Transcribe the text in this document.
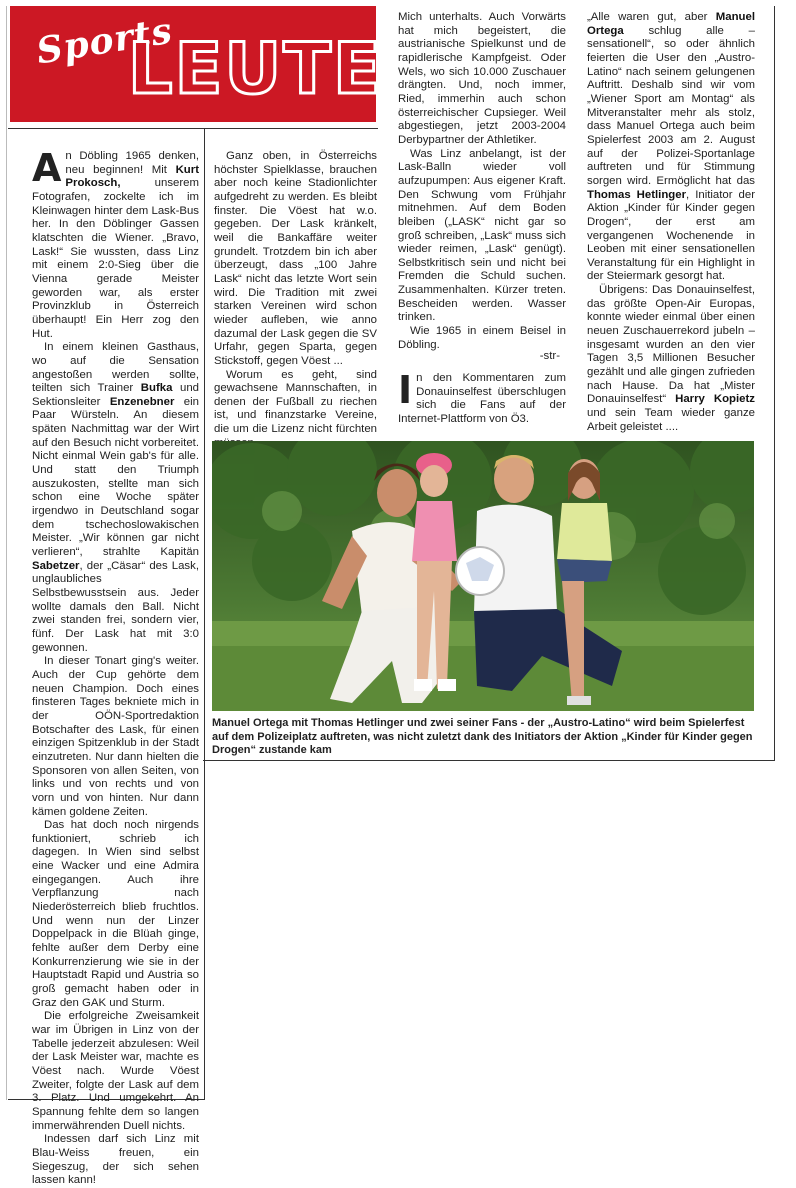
Sports
LEUTE

An Döbling 1965 denken, neu beginnen! Mit Kurt Prokosch, unserem Fotografen, zockelte ich im Kleinwagen hinter dem Lask-Bus her. In den Döblinger Gassen klatschten die Wiener. „Bravo, Lask!“ Sie wussten, dass Linz mit einem 2:0-Sieg über die Vienna gerade Meister geworden war, als erster Provinzklub in Österreich überhaupt! Ein Herr zog den Hut.

In einem kleinen Gasthaus, wo auf die Sensation angestoßen werden sollte, teilten sich Trainer Bufka und Sektionsleiter Enzenebner ein Paar Würsteln. An diesem späten Nachmittag war der Wirt auf den Besuch nicht vorbereitet. Nicht einmal Wein gab's für alle. Und statt den Triumph auszukosten, stellte man sich schon eine Woche später irgendwo in Deutschland sogar dem tschechoslowakischen Meister. „Wir können gar nicht verlieren“, strahlte Kapitän Sabetzer, der „Cäsar“ des Lask, unglaubliches Selbstbewusstsein aus. Jeder wollte damals den Ball. Nicht zwei standen frei, sondern vier, fünf. Der Lask hat mit 3:0 gewonnen.

In dieser Tonart ging's weiter. Auch der Cup gehörte dem neuen Champion. Doch eines finsteren Tages bekniete mich in der OÖN-Sportredaktion Botschafter des Lask, für einen einzigen Spitzenklub in der Stadt einzutreten. Nur dann hielten die Sponsoren von allen Seiten, von links und von rechts und von vorn und von hinten. Nur dann kämen goldene Zeiten.

Das hat doch noch nirgends funktioniert, schrieb ich dagegen. In Wien sind selbst eine Wacker und eine Admira eingegangen. Auch ihre Verpflanzung nach Niederösterreich blieb fruchtlos. Und wenn nun der Linzer Doppelpack in die Blüah ginge, fehlte außer dem Derby eine Konkurrenzierung wie sie in der Hauptstadt Rapid und Austria so groß gemacht haben oder in Graz den GAK und Sturm.

Die erfolgreiche Zweisamkeit war im Übrigen in Linz von der Tabelle jederzeit abzulesen: Weil der Lask Meister war, machte es Vöest nach. Wurde Vöest Zweiter, folgte der Lask auf dem 3. Platz. Und umgekehrt. An Spannung fehlte dem so langen immerwährenden Duell nichts.

Indessen darf sich Linz mit Blau-Weiss freuen, ein Siegeszug, der sich sehen lassen kann!

Ganz oben, in Österreichs höchster Spielklasse, brauchen aber noch keine Stadionlichter aufgedreht zu werden. Es bleibt finster. Die Vöest hat w.o. gegeben. Der Lask kränkelt, weil die Bankaffäre weiter grundelt. Trotzdem bin ich aber überzeugt, dass „100 Jahre Lask“ nicht das letzte Wort sein wird. Die Tradition mit zwei starken Vereinen wird schon wieder aufleben, wie anno dazumal der Lask gegen die SV Urfahr, gegen Sparta, gegen Stickstoff, gegen Vöest ...

Worum es geht, sind gewachsene Mannschaften, in denen der Fußball zu riechen ist, und finanzstarke Vereine, die um die Lizenz nicht fürchten

Mich unterhalts. Auch Vorwärts hat mich begeistert, die austrianische Spielkunst und de rapidlerische Kampfgeist. Oder Wels, wo sich 10.000 Zuschauer drängten. Und, noch immer, Ried, immerhin auch schon österreichischer Cupsieger. Weil abgestiegen, jetzt 2003-2004 Derbypartner der Athletiker.

Was Linz anbelangt, ist der Lask-Balln wieder voll aufzupumpen: Aus eigener Kraft. Den Schwung vom Frühjahr mitnehmen. Auf dem Boden bleiben („LASK“ nicht gar so groß schreiben, „Lask“ muss sich wieder reimen, „Lask“ genügt). Selbstkritisch sein und nicht bei Fremden die Schuld suchen. Zusammenhalten. Kürzer treten. Bescheiden werden. Wasser trinken.

Wie 1965 in einem Beisel in Döbling.

-str-

In den Kommentaren zum Donauinselfest überschlugen sich die Fans auf der Internet-Plattform von Ö3.

„Alle waren gut, aber Manuel Ortega schlug alle – sensationell“, so oder ähnlich feierten die User den „Austro-Latino“ nach seinem gelungenen Auftritt. Deshalb sind wir vom „Wiener Sport am Montag“ als Mitveranstalter mehr als stolz, dass Manuel Ortega auch beim Spielerfest 2003 am 2. August auf der Polizei-Sportanlage auftreten und für Stimmung sorgen wird. Ermöglicht hat das Thomas Hetlinger, Initiator der Aktion „Kinder für Kinder gegen Drogen“, der erst am vergangenen Wochenende in Leoben mit einer sensationellen Veranstaltung für ein Highlight in der Steiermark gesorgt hat.

Übrigens: Das Donauinselfest, das größte Open-Air Europas, konnte wieder einmal über einen neuen Zuschauerrekord jubeln – insgesamt wurden an den vier Tagen 3,5 Millionen Besucher gezählt und alle gingen zufrieden nach Hause. Da hat „Mister Donauinselfest“ Harry Kopietz und sein Team wieder ganze Arbeit geleistet ....

Manuel Ortega mit Thomas Hetlinger und zwei seiner Fans - der „Austro-Latino“ wird beim Spielerfest auf dem Polizeiplatz auftreten, was nicht zuletzt dank des Initiators der Aktion „Kinder für Kinder gegen Drogen“ zustande kam
